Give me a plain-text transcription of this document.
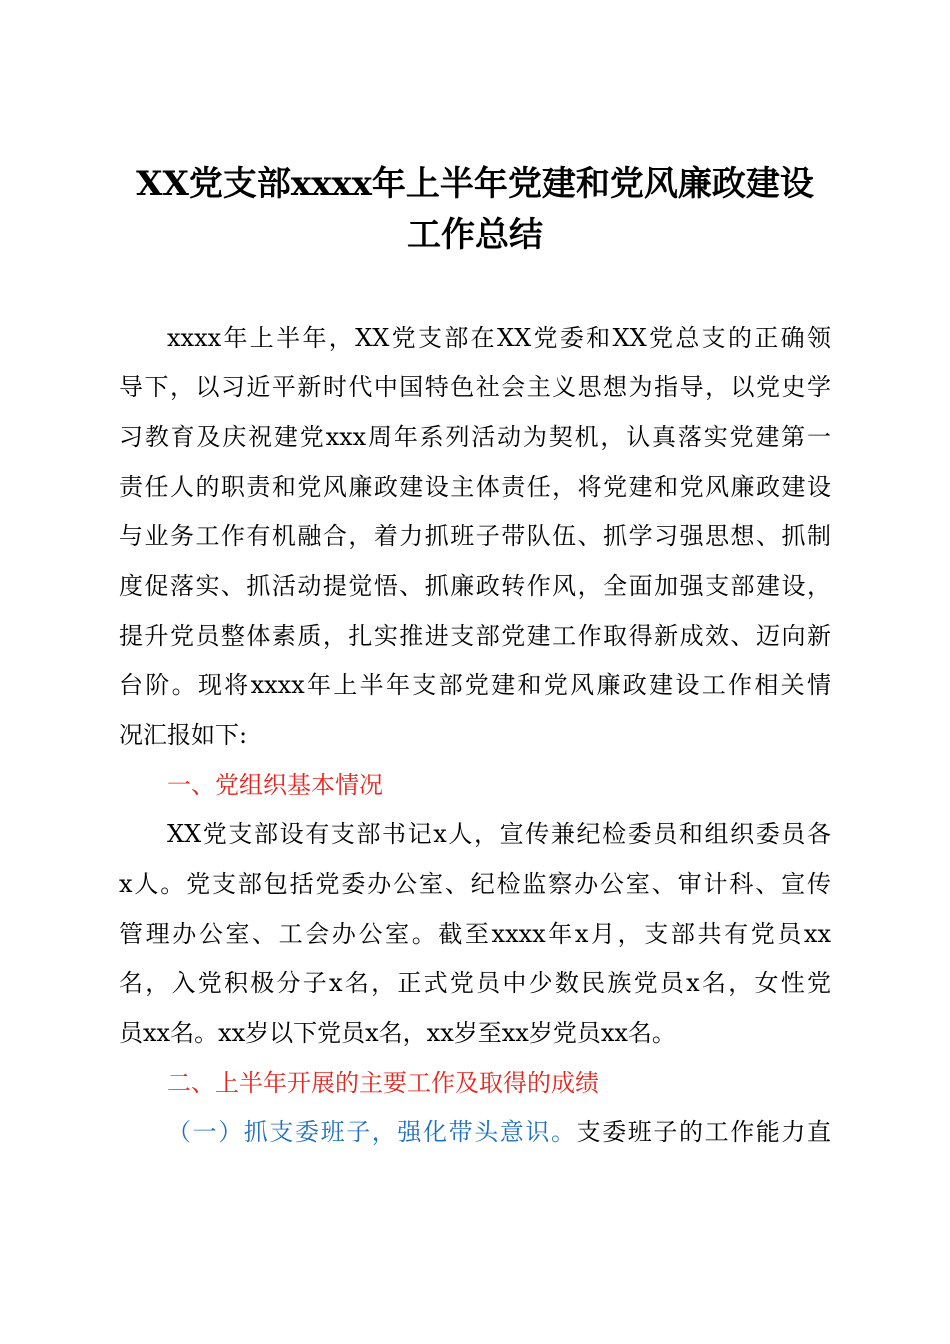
XX党支部xxxx年上半年党建和党风廉政建设
工作总结
xxxx年上半年，XX党支部在XX党委和XX党总支的正确领
导下，以习近平新时代中国特色社会主义思想为指导，以党史学
习教育及庆祝建党xxx周年系列活动为契机，认真落实党建第一
责任人的职责和党风廉政建设主体责任，将党建和党风廉政建设
与业务工作有机融合，着力抓班子带队伍、抓学习强思想、抓制
度促落实、抓活动提觉悟、抓廉政转作风，全面加强支部建设，
提升党员整体素质，扎实推进支部党建工作取得新成效、迈向新
台阶。现将xxxx年上半年支部党建和党风廉政建设工作相关情
况汇报如下:
一、党组织基本情况
XX党支部设有支部书记x人，宣传兼纪检委员和组织委员各
x人。党支部包括党委办公室、纪检监察办公室、审计科、宣传
管理办公室、工会办公室。截至xxxx年x月，支部共有党员xx
名，入党积极分子x名，正式党员中少数民族党员x名，女性党
员xx名。xx岁以下党员x名，xx岁至xx岁党员xx名。
二、上半年开展的主要工作及取得的成绩
（一）抓支委班子，强化带头意识。支委班子的工作能力直
